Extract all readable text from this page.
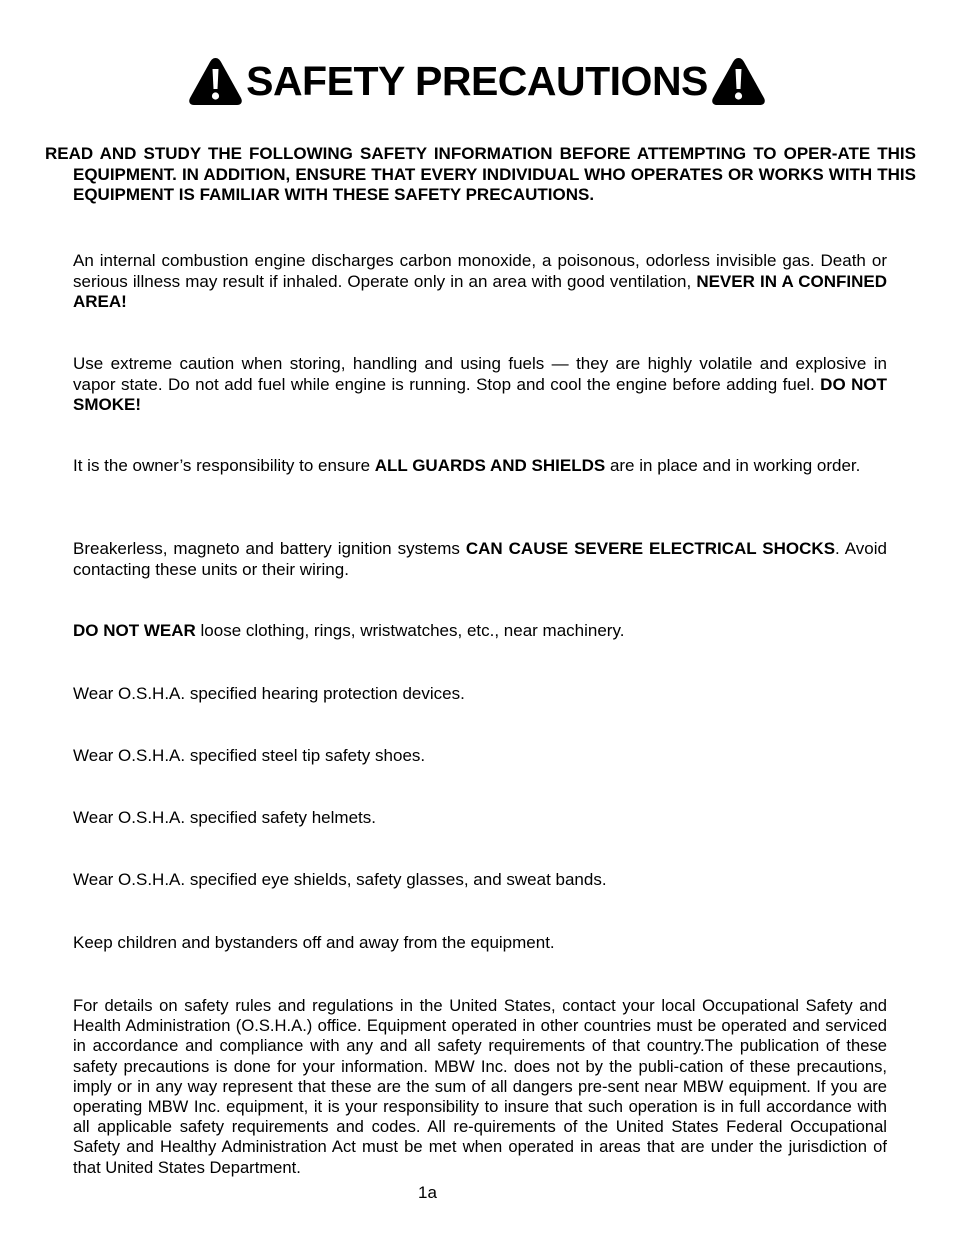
SAFETY PRECAUTIONS

READ AND STUDY THE FOLLOWING SAFETY INFORMATION BEFORE ATTEMPTING TO OPER-ATE THIS EQUIPMENT. IN ADDITION, ENSURE THAT EVERY INDIVIDUAL WHO OPERATES OR WORKS WITH THIS EQUIPMENT IS FAMILIAR WITH THESE SAFETY PRECAUTIONS.

An internal combustion engine discharges carbon monoxide, a poisonous, odorless invisible gas. Death or serious illness may result if inhaled. Operate only in an area with good ventilation, NEVER IN A CONFINED AREA!

Use extreme caution when storing, handling and using fuels — they are highly volatile and explosive in vapor state. Do not add fuel while engine is running. Stop and cool the engine before adding fuel. DO NOT SMOKE!

It is the owner’s responsibility to ensure ALL GUARDS AND SHIELDS are in place and in working order.

Breakerless, magneto and battery ignition systems CAN CAUSE SEVERE ELECTRICAL SHOCKS. Avoid contacting these units or their wiring.

DO NOT WEAR loose clothing, rings, wristwatches, etc., near machinery.

Wear O.S.H.A. specified hearing protection devices.

Wear O.S.H.A. specified steel tip safety shoes.

Wear O.S.H.A. specified safety helmets.

Wear O.S.H.A. specified eye shields, safety glasses, and sweat bands.

Keep children and bystanders off and away from the equipment.

For details on safety rules and regulations in the United States, contact your local Occupational Safety and Health Administration (O.S.H.A.) office. Equipment operated in other countries must be operated and serviced in accordance and compliance with any and all safety requirements of that country.The publication of these safety precautions is done for your information. MBW Inc. does not by the publi-cation of these precautions, imply or in any way represent that these are the sum of all dangers pre-sent near MBW equipment. If you are operating MBW Inc. equipment, it is your responsibility to insure that such operation is in full accordance with all applicable safety requirements and codes. All re-quirements of the United States Federal Occupational Safety and Healthy Administration Act must be met when operated in areas that are under the jurisdiction of that United States Department.

1a
